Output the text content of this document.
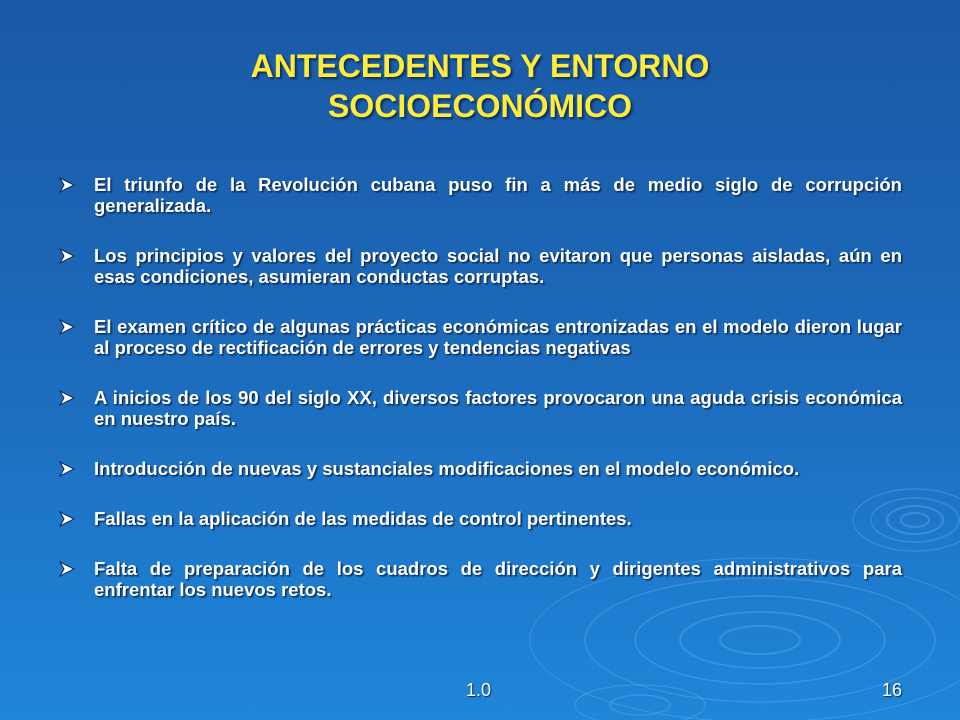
ANTECEDENTES Y ENTORNO
SOCIOECONÓMICO
El triunfo de la Revolución cubana puso fin a más de medio siglo de corrupción generalizada.
Los principios y valores del proyecto social no evitaron que personas aisladas, aún en esas condiciones, asumieran conductas corruptas.
El examen crítico de algunas prácticas económicas entronizadas en el modelo dieron lugar al proceso de rectificación de errores y tendencias negativas
A inicios de los 90 del siglo XX, diversos factores provocaron una aguda crisis económica en nuestro país.
Introducción de nuevas y sustanciales modificaciones en el modelo económico.
Fallas en la aplicación de las medidas de control pertinentes.
Falta de preparación de los cuadros de dirección y dirigentes administrativos para enfrentar los nuevos retos.
1.0	16
